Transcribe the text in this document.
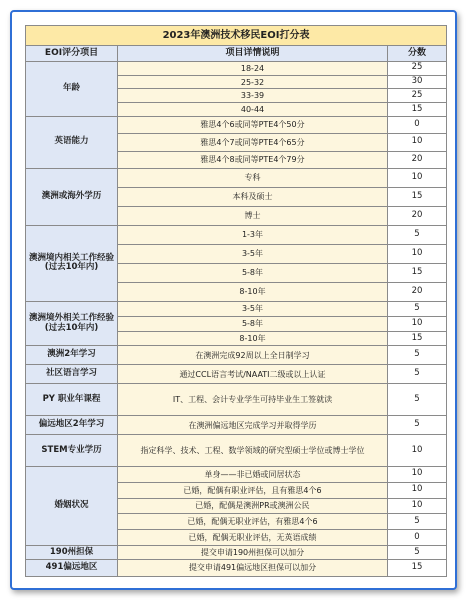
2023年澳洲技术移民EOI打分表		
EOI评分项目	项目详情说明	分数
年龄	18-24	25
	25-32	30
	33-39	25
	40-44	15
英语能力	雅思4个6或同等PTE4个50分	0
	雅思4个7或同等PTE4个65分	10
	雅思4个8或同等PTE4个79分	20
澳洲或海外学历	专科	10
	本科及硕士	15
	博士	20
澳洲境内相关工作经验
(过去10年内)	1-3年	5
	3-5年	10
	5-8年	15
	8-10年	20
澳洲境外相关工作经验
(过去10年内)	3-5年	5
	5-8年	10
	8-10年	15
澳洲2年学习	在澳洲完成92周以上全日制学习	5
社区语言学习	通过CCL语言考试/NAATI二级或以上认证	5
PY 职业年课程	IT、工程、会计专业学生可持毕业生工签就读	5
偏远地区2年学习	在澳洲偏远地区完成学习并取得学历	5
STEM专业学历	指定科学、技术、工程、数学领域的研究型硕士学位或博士学位	10
婚姻状况	单身——非已婚或同居状态	10
	已婚，配偶有职业评估，且有雅思4个6	10
	已婚，配偶是澳洲PR或澳洲公民	10
	已婚，配偶无职业评估，有雅思4个6	5
	已婚，配偶无职业评估，无英语成绩	0
190州担保	提交申请190州担保可以加分	5
491偏远地区	提交申请491偏远地区担保可以加分	15
